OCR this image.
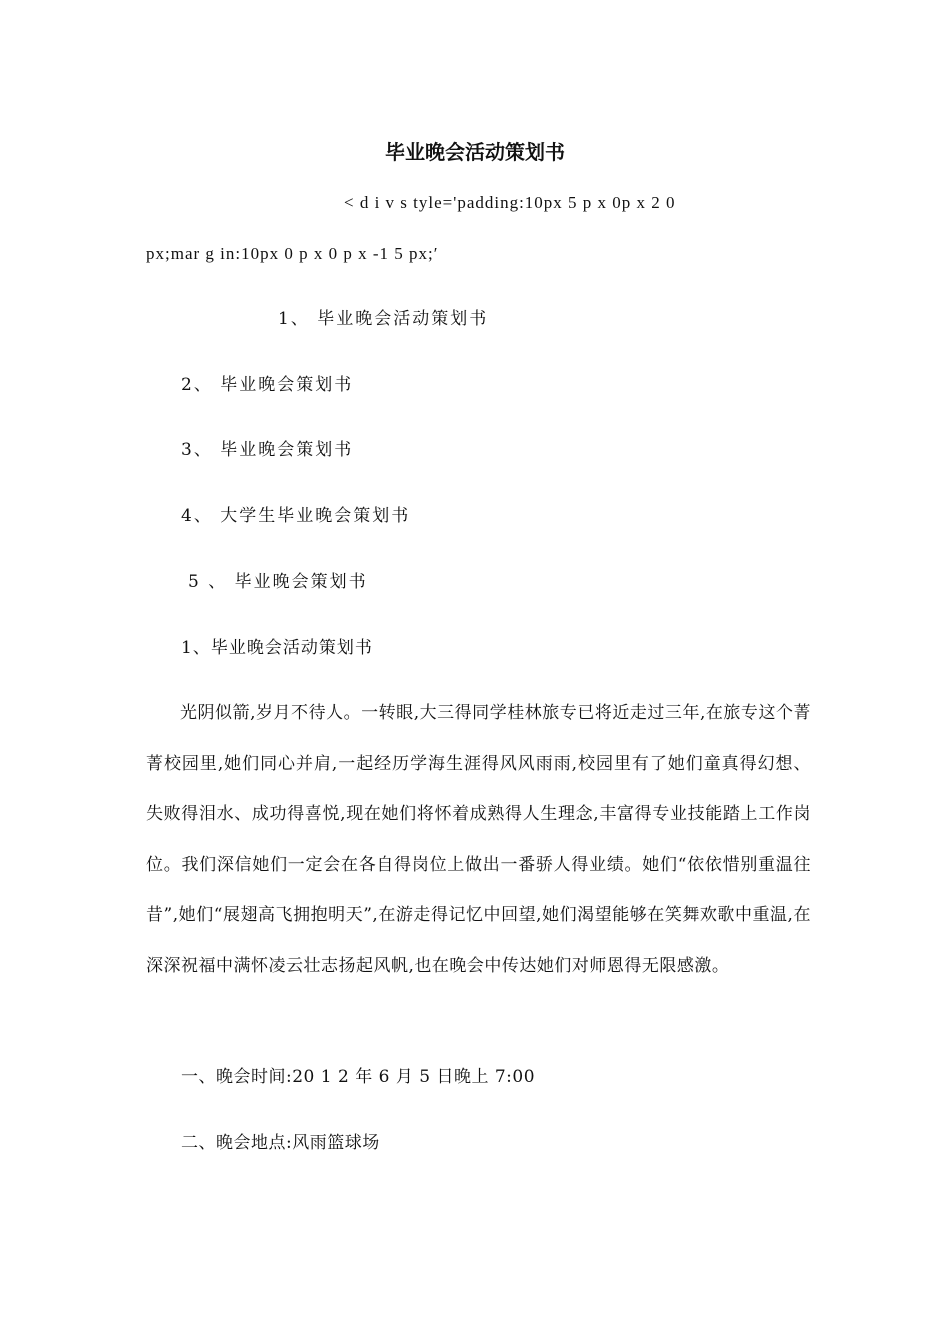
毕业晚会活动策划书
< d i v s tyle='padding:10px 5 p x 0p x 2 0
px;mar g in:10px 0 p x 0 p x -1 5 px;′
1、 毕业晚会活动策划书
2、 毕业晚会策划书
3、 毕业晚会策划书
4、 大学生毕业晚会策划书
5 、 毕业晚会策划书
1、毕业晚会活动策划书
光阴似箭,岁月不待人。一转眼,大三得同学桂林旅专已将近走过三年,在旅专这个菁菁校园里,她们同心并肩,一起经历学海生涯得风风雨雨,校园里有了她们童真得幻想、失败得泪水、成功得喜悦,现在她们将怀着成熟得人生理念,丰富得专业技能踏上工作岗位。我们深信她们一定会在各自得岗位上做出一番骄人得业绩。她们“依依惜别重温往昔”,她们“展翅高飞拥抱明天”,在游走得记忆中回望,她们渴望能够在笑舞欢歌中重温,在深深祝福中满怀凌云壮志扬起风帆,也在晚会中传达她们对师恩得无限感激。
一、晚会时间:20 1 2 年 6 月 5 日晚上 7:00
二、晚会地点:风雨篮球场
